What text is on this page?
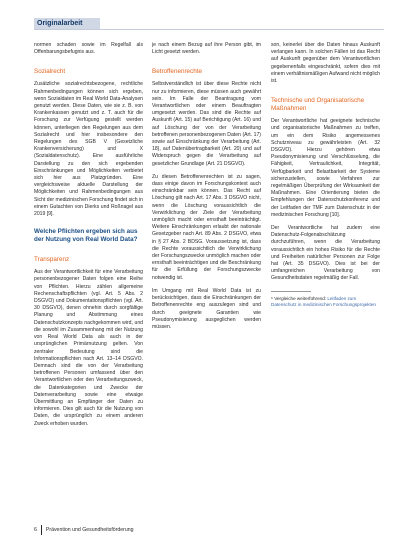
Originalarbeit

normen schaden sowie im Regelfall als Offenbarungsbefugnis aus.

Sozialrecht

Zusätzliche sozialrechtsbezogene, rechtliche Rahmenbedingungen können sich ergeben, wenn Sozialdaten im Real World Data-Analysen genutzt werden. Diese Daten, wie sie z. B. von Krankenkassen genutzt und z. T. auch für die Forschung zur Verfügung gestellt werden können, unterliegen den Regelungen aus dem Sozialrecht und hier insbesondere den Regelungen des SGB V (Gesetzliche Krankenversicherung) und X (Sozialdatenschutz). Eine ausführliche Darstellung zu den sich ergebenden Einschränkungen und Möglichkeiten verbietet sich hier aus Platzgründen. Eine vergleichsweise aktuelle Darstellung der Möglichkeiten und Rahmenbedingungen aus Sicht der medizinischen Forschung findet sich in einem Gutachten von Dierks und Roßnagel aus 2019 [9].

Welche Pflichten ergeben sich aus der Nutzung von Real World Data?
Transparenz

Aus der Verantwortlichkeit für eine Verarbeitung personenbezogener Daten folgen eine Reihe von Pflichten. Hierzu zählen allgemeine Rechenschaftspflichten (vgl. Art. 5 Abs. 2 DSGVO) und Dokumentationspflichten (vgl. Art. 30 DSGVO), denen ohnehin durch sorgfältige Planung und Abstimmung eines Datenschutzkonzepts nachgekommen wird, und die sowohl im Zusammenhang mit der Nutzung von Real World Data als auch in der ursprünglichen Primärnutzung gelten. Von zentraler Bedeutung sind die Informationspflichten nach Art. 13–14 DSGVO. Demnach sind die von der Verarbeitung betroffenen Personen umfassend über den Verantwortlichen oder den Verarbeitungszweck, die Datenkategorien und Zwecke der Datenverarbeitung sowie eine etwaige Übermittlung an Empfänger der Daten zu informieren. Dies gilt auch für die Nutzung von Daten, die ursprünglich zu einem anderen Zweck erhoben wurden.

je nach einem Bezug auf ihre Person gibt, im Licht gesetzt werden.

Betroffenenrechte

Selbstverständlich ist über diese Rechte nicht nur zu informieren, diese müssen auch gewährt sein. Im Falle der Beantragung vom Verantwortlichen oder einem Beauftragten umgesetzt werden. Das sind die Rechte auf Auskunft (Art. 15) auf Berichtigung (Art. 16) und auf Löschung der von der Verarbeitung betroffenen personenbezogenen Daten (Art. 17) sowie auf Einschränkung der Verarbeitung (Art. 18), auf Datenübertragbarkeit (Art. 20) und auf Widerspruch gegen die Verarbeitung auf gesetzlicher Grundlage (Art. 21 DSGVO).

Zu diesen Betroffenenrechten ist zu sagen, dass einige davon im Forschungskontext auch einschränkbar sein können. Das Recht auf Löschung gilt nach Art. 17 Abs. 3 DSGVO nicht, wenn die Löschung voraussichtlich die Verwirklichung der Ziele der Verarbeitung unmöglich macht oder ernsthaft beeinträchtigt. Weitere Einschränkungen erlaubt der nationale Gesetzgeber nach Art. 89 Abs. 2 DSGVO, etwa in § 27 Abs. 2 BDSG. Voraussetzung ist, dass die Rechte voraussichtlich die Verwirklichung der Forschungszwecke unmöglich machen oder ernsthaft beeinträchtigen und die Beschränkung für die Erfüllung der Forschungszwecke notwendig ist.

Im Umgang mit Real World Data ist zu berücksichtigen, dass die Einschränkungen der Betroffenenrechte eng auszulegen sind und durch geeignete Garantien wie Pseudonymisierung ausgeglichen werden müssen.

son, keinerlei über die Daten hinaus Auskunft verlangen kann. In solchen Fällen ist das Recht auf Auskunft gegenüber dem Verantwortlichen gegebenenfalls eingeschränkt, sofern dies mit einem verhältnismäßigen Aufwand nicht möglich ist.

Technische und Organisatorische Maßnahmen

Der Verantwortliche hat geeignete technische und organisatorische Maßnahmen zu treffen, um ein dem Risiko angemessenes Schutzniveau zu gewährleisten (Art. 32 DSGVO). Hierzu gehören etwa Pseudonymisierung und Verschlüsselung, die Fähigkeit, Vertraulichkeit, Integrität, Verfügbarkeit und Belastbarkeit der Systeme sicherzustellen, sowie Verfahren zur regelmäßigen Überprüfung der Wirksamkeit der Maßnahmen. Eine Orientierung bieten die Empfehlungen der Datenschutzkonferenz und der Leitfaden der TMF zum Datenschutz in der medizinischen Forschung [10].

Der Verantwortliche hat zudem eine Datenschutz-Folgenabschätzung durchzuführen, wenn die Verarbeitung voraussichtlich ein hohes Risiko für die Rechte und Freiheiten natürlicher Personen zur Folge hat (Art. 35 DSGVO). Dies ist bei der umfangreichen Verarbeitung von Gesundheitsdaten regelmäßig der Fall.

⁶ Vergleiche weiterführend: Leitfaden zum Datenschutz in medizinischen Forschungsprojekten
6 Prävention und Gesundheitsförderung
